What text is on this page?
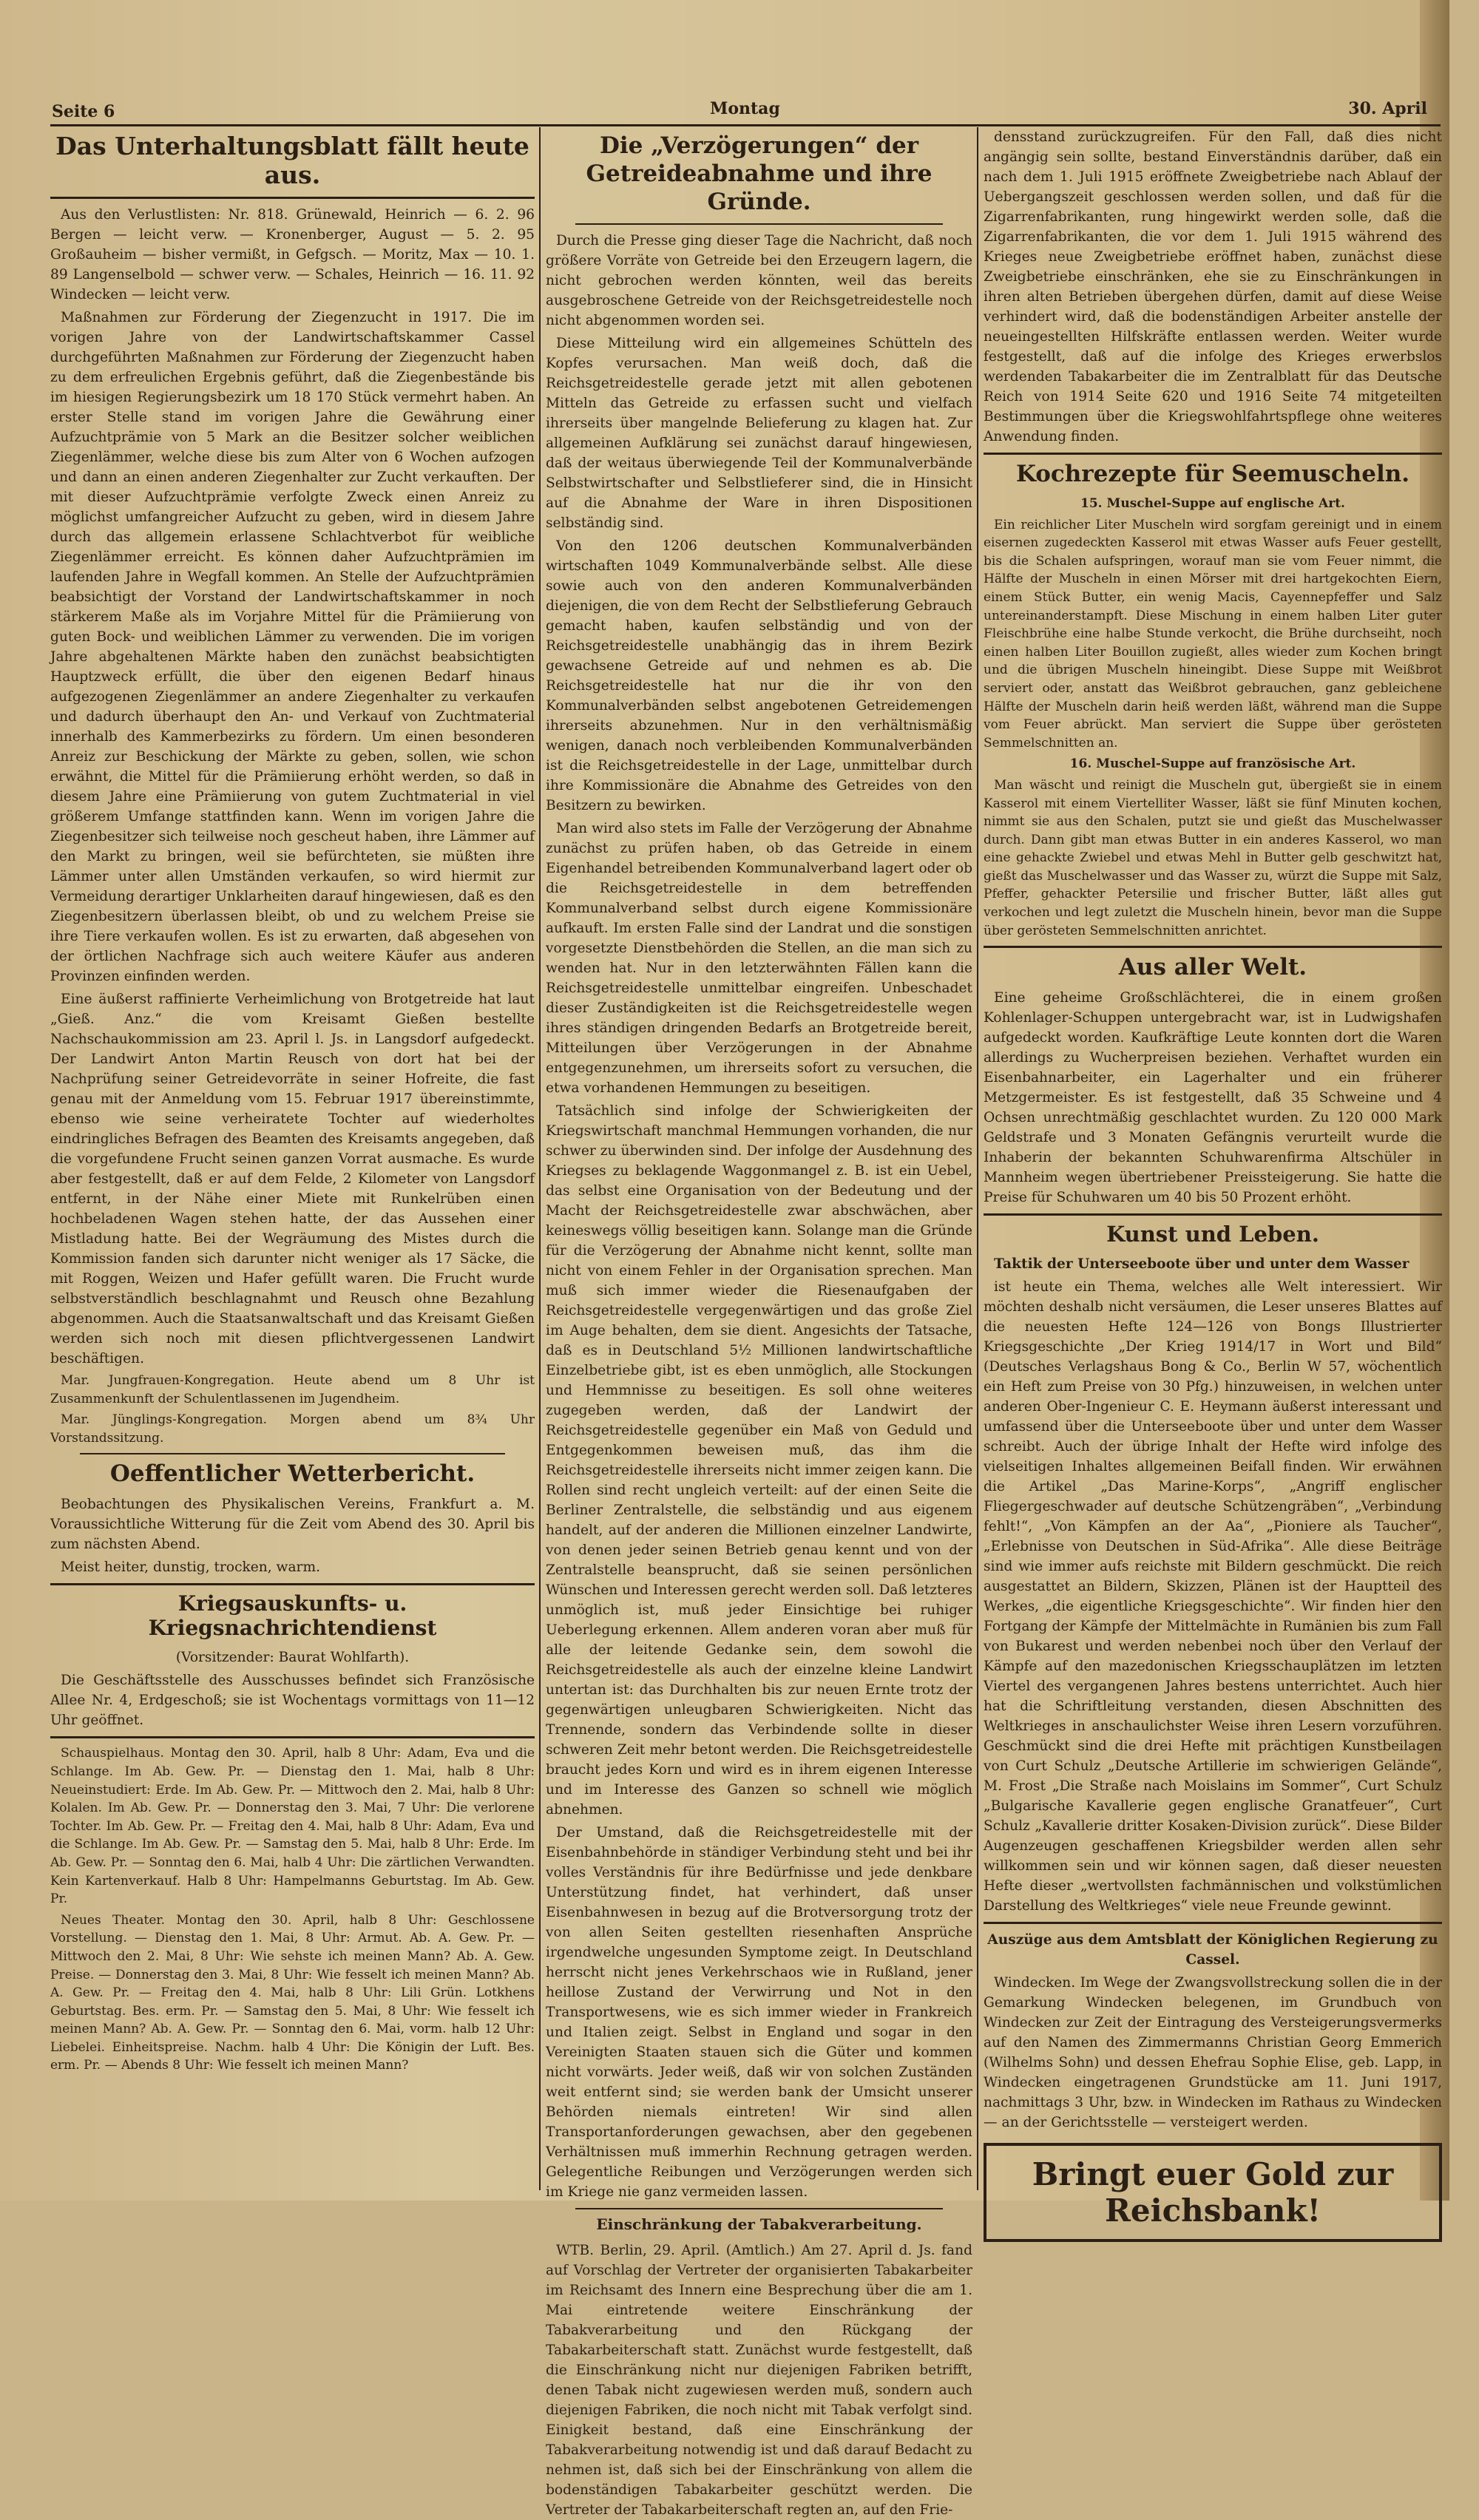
Seite 6	Montag	30. April
Das Unterhaltungsblatt fällt heute aus.

Aus den Verlustlisten: Nr. 818. Grünewald, Heinrich — 6. 2. 96 Bergen — leicht verw. — Kronenberger, August — 5. 2. 95 Großauheim — bisher vermißt, in Gefgsch. — Moritz, Max — 10. 1. 89 Langenselbold — schwer verw. — Schales, Heinrich — 16. 11. 92 Windecken — leicht verw.

Maßnahmen zur Förderung der Ziegenzucht in 1917. Die im vorigen Jahre von der Landwirtschaftskammer Cassel durchgeführten Maßnahmen zur Förderung der Ziegenzucht haben zu dem erfreulichen Ergebnis geführt, daß die Ziegenbestände bis im hiesigen Regierungsbezirk um 18 170 Stück vermehrt haben. An erster Stelle stand im vorigen Jahre die Gewährung einer Aufzuchtprämie von 5 Mark an die Besitzer solcher weiblichen Ziegenlämmer, welche diese bis zum Alter von 6 Wochen aufzogen und dann an einen anderen Ziegenhalter zur Zucht verkauften. Der mit dieser Aufzuchtprämie verfolgte Zweck einen Anreiz zu möglichst umfangreicher Aufzucht zu geben, wird in diesem Jahre durch das allgemein erlassene Schlachtverbot für weibliche Ziegenlämmer erreicht. Es können daher Aufzuchtprämien im laufenden Jahre in Wegfall kommen. An Stelle der Aufzuchtprämien beabsichtigt der Vorstand der Landwirtschaftskammer in noch stärkerem Maße als im Vorjahre Mittel für die Prämiierung von guten Bock- und weiblichen Lämmer zu verwenden. Die im vorigen Jahre abgehaltenen Märkte haben den zunächst beabsichtigten Hauptzweck erfüllt, die über den eigenen Bedarf hinaus aufgezogenen Ziegenlämmer an andere Ziegenhalter zu verkaufen und dadurch überhaupt den An- und Verkauf von Zuchtmaterial innerhalb des Kammerbezirks zu fördern. Um einen besonderen Anreiz zur Beschickung der Märkte zu geben, sollen, wie schon erwähnt, die Mittel für die Prämiierung erhöht werden, so daß in diesem Jahre eine Prämiierung von gutem Zuchtmaterial in viel größerem Umfange stattfinden kann. Wenn im vorigen Jahre die Ziegenbesitzer sich teilweise noch gescheut haben, ihre Lämmer auf den Markt zu bringen, weil sie befürchteten, sie müßten ihre Lämmer unter allen Umständen verkaufen, so wird hiermit zur Vermeidung derartiger Unklarheiten darauf hingewiesen, daß es den Ziegenbesitzern überlassen bleibt, ob und zu welchem Preise sie ihre Tiere verkaufen wollen. Es ist zu erwarten, daß abgesehen von der örtlichen Nachfrage sich auch weitere Käufer aus anderen Provinzen einfinden werden.

Eine äußerst raffinierte Verheimlichung von Brotgetreide hat laut „Gieß. Anz.“ die vom Kreisamt Gießen bestellte Nachschaukommission am 23. April l. Js. in Langsdorf aufgedeckt. Der Landwirt Anton Martin Reusch von dort hat bei der Nachprüfung seiner Getreidevorräte in seiner Hofreite, die fast genau mit der Anmeldung vom 15. Februar 1917 übereinstimmte, ebenso wie seine verheiratete Tochter auf wiederholtes eindringliches Befragen des Beamten des Kreisamts angegeben, daß die vorgefundene Frucht seinen ganzen Vorrat ausmache. Es wurde aber festgestellt, daß er auf dem Felde, 2 Kilometer von Langsdorf entfernt, in der Nähe einer Miete mit Runkelrüben einen hochbeladenen Wagen stehen hatte, der das Aussehen einer Mistladung hatte. Bei der Wegräumung des Mistes durch die Kommission fanden sich darunter nicht weniger als 17 Säcke, die mit Roggen, Weizen und Hafer gefüllt waren. Die Frucht wurde selbstverständlich beschlagnahmt und Reusch ohne Bezahlung abgenommen. Auch die Staatsanwaltschaft und das Kreisamt Gießen werden sich noch mit diesen pflichtvergessenen Landwirt beschäftigen.

Mar. Jungfrauen-Kongregation. Heute abend um 8 Uhr ist Zusammenkunft der Schulentlassenen im Jugendheim.

Mar. Jünglings-Kongregation. Morgen abend um 8¾ Uhr Vorstandssitzung.

Oeffentlicher Wetterbericht.

Beobachtungen des Physikalischen Vereins, Frankfurt a. M. Voraussichtliche Witterung für die Zeit vom Abend des 30. April bis zum nächsten Abend.

Meist heiter, dunstig, trocken, warm.

Kriegsauskunfts- u. Kriegsnachrichtendienst

(Vorsitzender: Baurat Wohlfarth).

Die Geschäftsstelle des Ausschusses befindet sich Französische Allee Nr. 4, Erdgeschoß; sie ist Wochentags vormittags von 11—12 Uhr geöffnet.

Schauspielhaus. Montag den 30. April, halb 8 Uhr: Adam, Eva und die Schlange. Im Ab. Gew. Pr. — Dienstag den 1. Mai, halb 8 Uhr: Neueinstudiert: Erde. Im Ab. Gew. Pr. — Mittwoch den 2. Mai, halb 8 Uhr: Kolalen. Im Ab. Gew. Pr. — Donnerstag den 3. Mai, 7 Uhr: Die verlorene Tochter. Im Ab. Gew. Pr. — Freitag den 4. Mai, halb 8 Uhr: Adam, Eva und die Schlange. Im Ab. Gew. Pr. — Samstag den 5. Mai, halb 8 Uhr: Erde. Im Ab. Gew. Pr. — Sonntag den 6. Mai, halb 4 Uhr: Die zärtlichen Verwandten. Kein Kartenverkauf. Halb 8 Uhr: Hampelmanns Geburtstag. Im Ab. Gew. Pr.

Neues Theater. Montag den 30. April, halb 8 Uhr: Geschlossene Vorstellung. — Dienstag den 1. Mai, 8 Uhr: Armut. Ab. A. Gew. Pr. — Mittwoch den 2. Mai, 8 Uhr: Wie sehste ich meinen Mann? Ab. A. Gew. Preise. — Donnerstag den 3. Mai, 8 Uhr: Wie fesselt ich meinen Mann? Ab. A. Gew. Pr. — Freitag den 4. Mai, halb 8 Uhr: Lili Grün. Lotkhens Geburtstag. Bes. erm. Pr. — Samstag den 5. Mai, 8 Uhr: Wie fesselt ich meinen Mann? Ab. A. Gew. Pr. — Sonntag den 6. Mai, vorm. halb 12 Uhr: Liebelei. Einheitspreise. Nachm. halb 4 Uhr: Die Königin der Luft. Bes. erm. Pr. — Abends 8 Uhr: Wie fesselt ich meinen Mann?

Die „Verzögerungen“ der Getreideabnahme und ihre Gründe.

Durch die Presse ging dieser Tage die Nachricht, daß noch größere Vorräte von Getreide bei den Erzeugern lagern, die nicht gebrochen werden könnten, weil das bereits ausgebroschene Getreide von der Reichsgetreidestelle noch nicht abgenommen worden sei.

Diese Mitteilung wird ein allgemeines Schütteln des Kopfes verursachen. Man weiß doch, daß die Reichsgetreidestelle gerade jetzt mit allen gebotenen Mitteln das Getreide zu erfassen sucht und vielfach ihrerseits über mangelnde Belieferung zu klagen hat. Zur allgemeinen Aufklärung sei zunächst darauf hingewiesen, daß der weitaus überwiegende Teil der Kommunalverbände Selbstwirtschafter und Selbstlieferer sind, die in Hinsicht auf die Abnahme der Ware in ihren Dispositionen selbständig sind.

Von den 1206 deutschen Kommunalverbänden wirtschaften 1049 Kommunalverbände selbst. Alle diese sowie auch von den anderen Kommunalverbänden diejenigen, die von dem Recht der Selbstlieferung Gebrauch gemacht haben, kaufen selbständig und von der Reichsgetreidestelle unabhängig das in ihrem Bezirk gewachsene Getreide auf und nehmen es ab. Die Reichsgetreidestelle hat nur die ihr von den Kommunalverbänden selbst angebotenen Getreidemengen ihrerseits abzunehmen. Nur in den verhältnismäßig wenigen, danach noch verbleibenden Kommunalverbänden ist die Reichsgetreidestelle in der Lage, unmittelbar durch ihre Kommissionäre die Abnahme des Getreides von den Besitzern zu bewirken.

Man wird also stets im Falle der Verzögerung der Abnahme zunächst zu prüfen haben, ob das Getreide in einem Eigenhandel betreibenden Kommunalverband lagert oder ob die Reichsgetreidestelle in dem betreffenden Kommunalverband selbst durch eigene Kommissionäre aufkauft. Im ersten Falle sind der Landrat und die sonstigen vorgesetzte Dienstbehörden die Stellen, an die man sich zu wenden hat. Nur in den letzterwähnten Fällen kann die Reichsgetreidestelle unmittelbar eingreifen. Unbeschadet dieser Zuständigkeiten ist die Reichsgetreidestelle wegen ihres ständigen dringenden Bedarfs an Brotgetreide bereit, Mitteilungen über Verzögerungen in der Abnahme entgegenzunehmen, um ihrerseits sofort zu versuchen, die etwa vorhandenen Hemmungen zu beseitigen.

Tatsächlich sind infolge der Schwierigkeiten der Kriegswirtschaft manchmal Hemmungen vorhanden, die nur schwer zu überwinden sind. Der infolge der Ausdehnung des Kriegses zu beklagende Waggonmangel z. B. ist ein Uebel, das selbst eine Organisation von der Bedeutung und der Macht der Reichsgetreidestelle zwar abschwächen, aber keineswegs völlig beseitigen kann. Solange man die Gründe für die Verzögerung der Abnahme nicht kennt, sollte man nicht von einem Fehler in der Organisation sprechen. Man muß sich immer wieder die Riesenaufgaben der Reichsgetreidestelle vergegenwärtigen und das große Ziel im Auge behalten, dem sie dient. Angesichts der Tatsache, daß es in Deutschland 5½ Millionen landwirtschaftliche Einzelbetriebe gibt, ist es eben unmöglich, alle Stockungen und Hemmnisse zu beseitigen. Es soll ohne weiteres zugegeben werden, daß der Landwirt der Reichsgetreidestelle gegenüber ein Maß von Geduld und Entgegenkommen beweisen muß, das ihm die Reichsgetreidestelle ihrerseits nicht immer zeigen kann. Die Rollen sind recht ungleich verteilt: auf der einen Seite die Berliner Zentralstelle, die selbständig und aus eigenem handelt, auf der anderen die Millionen einzelner Landwirte, von denen jeder seinen Betrieb genau kennt und von der Zentralstelle beansprucht, daß sie seinen persönlichen Wünschen und Interessen gerecht werden soll. Daß letzteres unmöglich ist, muß jeder Einsichtige bei ruhiger Ueberlegung erkennen. Allem anderen voran aber muß für alle der leitende Gedanke sein, dem sowohl die Reichsgetreidestelle als auch der einzelne kleine Landwirt untertan ist: das Durchhalten bis zur neuen Ernte trotz der gegenwärtigen unleugbaren Schwierigkeiten. Nicht das Trennende, sondern das Verbindende sollte in dieser schweren Zeit mehr betont werden. Die Reichsgetreidestelle braucht jedes Korn und wird es in ihrem eigenen Interesse und im Interesse des Ganzen so schnell wie möglich abnehmen.

Der Umstand, daß die Reichsgetreidestelle mit der Eisenbahnbehörde in ständiger Verbindung steht und bei ihr volles Verständnis für ihre Bedürfnisse und jede denkbare Unterstützung findet, hat verhindert, daß unser Eisenbahnwesen in bezug auf die Brotversorgung trotz der von allen Seiten gestellten riesenhaften Ansprüche irgendwelche ungesunden Symptome zeigt. In Deutschland herrscht nicht jenes Verkehrschaos wie in Rußland, jener heillose Zustand der Verwirrung und Not in den Transportwesens, wie es sich immer wieder in Frankreich und Italien zeigt. Selbst in England und sogar in den Vereinigten Staaten stauen sich die Güter und kommen nicht vorwärts. Jeder weiß, daß wir von solchen Zuständen weit entfernt sind; sie werden bank der Umsicht unserer Behörden niemals eintreten! Wir sind allen Transportanforderungen gewachsen, aber den gegebenen Verhältnissen muß immerhin Rechnung getragen werden. Gelegentliche Reibungen und Verzögerungen werden sich im Kriege nie ganz vermeiden lassen.

Einschränkung der Tabakverarbeitung.

WTB. Berlin, 29. April. (Amtlich.) Am 27. April d. Js. fand auf Vorschlag der Vertreter der organisierten Tabakarbeiter im Reichsamt des Innern eine Besprechung über die am 1. Mai eintretende weitere Einschränkung der Tabakverarbeitung und den Rückgang der Tabakarbeiterschaft statt. Zunächst wurde festgestellt, daß die Einschränkung nicht nur diejenigen Fabriken betrifft, denen Tabak nicht zugewiesen werden muß, sondern auch diejenigen Fabriken, die noch nicht mit Tabak verfolgt sind. Einigkeit bestand, daß eine Einschränkung der Tabakverarbeitung notwendig ist und daß darauf Bedacht zu nehmen ist, daß sich bei der Einschränkung von allem die bodenständigen Tabakarbeiter geschützt werden. Die Vertreter der Tabakarbeiterschaft regten an, auf den Frie-

densstand zurückzugreifen. Für den Fall, daß dies nicht angängig sein sollte, bestand Einverständnis darüber, daß ein nach dem 1. Juli 1915 eröffnete Zweigbetriebe nach Ablauf der Uebergangszeit geschlossen werden sollen, und daß für die Zigarrenfabrikanten, rung hingewirkt werden solle, daß die Zigarrenfabrikanten, die vor dem 1. Juli 1915 während des Krieges neue Zweigbetriebe eröffnet haben, zunächst diese Zweigbetriebe einschränken, ehe sie zu Einschränkungen in ihren alten Betrieben übergehen dürfen, damit auf diese Weise verhindert wird, daß die bodenständigen Arbeiter anstelle der neueingestellten Hilfskräfte entlassen werden. Weiter wurde festgestellt, daß auf die infolge des Krieges erwerbslos werdenden Tabakarbeiter die im Zentralblatt für das Deutsche Reich von 1914 Seite 620 und 1916 Seite 74 mitgeteilten Bestimmungen über die Kriegswohlfahrtspflege ohne weiteres Anwendung finden.

Kochrezepte für Seemuscheln.

15. Muschel-Suppe auf englische Art.

Ein reichlicher Liter Muscheln wird sorgfam gereinigt und in einem eisernen zugedeckten Kasserol mit etwas Wasser aufs Feuer gestellt, bis die Schalen aufspringen, worauf man sie vom Feuer nimmt, die Hälfte der Muscheln in einen Mörser mit drei hartgekochten Eiern, einem Stück Butter, ein wenig Macis, Cayennepfeffer und Salz untereinanderstampft. Diese Mischung in einem halben Liter guter Fleischbrühe eine halbe Stunde verkocht, die Brühe durchseiht, noch einen halben Liter Bouillon zugießt, alles wieder zum Kochen bringt und die übrigen Muscheln hineingibt. Diese Suppe mit Weißbrot serviert oder, anstatt das Weißbrot gebrauchen, ganz gebleichene Hälfte der Muscheln darin heiß werden läßt, während man die Suppe vom Feuer abrückt. Man serviert die Suppe über gerösteten Semmelschnitten an.

16. Muschel-Suppe auf französische Art.

Man wäscht und reinigt die Muscheln gut, übergießt sie in einem Kasserol mit einem Viertelliter Wasser, läßt sie fünf Minuten kochen, nimmt sie aus den Schalen, putzt sie und gießt das Muschelwasser durch. Dann gibt man etwas Butter in ein anderes Kasserol, wo man eine gehackte Zwiebel und etwas Mehl in Butter gelb geschwitzt hat, gießt das Muschelwasser und das Wasser zu, würzt die Suppe mit Salz, Pfeffer, gehackter Petersilie und frischer Butter, läßt alles gut verkochen und legt zuletzt die Muscheln hinein, bevor man die Suppe über gerösteten Semmelschnitten anrichtet.

Aus aller Welt.

Eine geheime Großschlächterei, die in einem großen Kohlenlager-Schuppen untergebracht war, ist in Ludwigshafen aufgedeckt worden. Kaufkräftige Leute konnten dort die Waren allerdings zu Wucherpreisen beziehen. Verhaftet wurden ein Eisenbahnarbeiter, ein Lagerhalter und ein früherer Metzgermeister. Es ist festgestellt, daß 35 Schweine und 4 Ochsen unrechtmäßig geschlachtet wurden. Zu 120 000 Mark Geldstrafe und 3 Monaten Gefängnis verurteilt wurde die Inhaberin der bekannten Schuhwarenfirma Altschüler in Mannheim wegen übertriebener Preissteigerung. Sie hatte die Preise für Schuhwaren um 40 bis 50 Prozent erhöht.

Kunst und Leben.

Taktik der Unterseeboote über und unter dem Wasser

ist heute ein Thema, welches alle Welt interessiert. Wir möchten deshalb nicht versäumen, die Leser unseres Blattes auf die neuesten Hefte 124—126 von Bongs Illustrierter Kriegsgeschichte „Der Krieg 1914/17 in Wort und Bild“ (Deutsches Verlagshaus Bong & Co., Berlin W 57, wöchentlich ein Heft zum Preise von 30 Pfg.) hinzuweisen, in welchen unter anderen Ober-Ingenieur C. E. Heymann äußerst interessant und umfassend über die Unterseeboote über und unter dem Wasser schreibt. Auch der übrige Inhalt der Hefte wird infolge des vielseitigen Inhaltes allgemeinen Beifall finden. Wir erwähnen die Artikel „Das Marine-Korps“, „Angriff englischer Fliegergeschwader auf deutsche Schützengräben“, „Verbindung fehlt!“, „Von Kämpfen an der Aa“, „Pioniere als Taucher“, „Erlebnisse von Deutschen in Süd-Afrika“. Alle diese Beiträge sind wie immer aufs reichste mit Bildern geschmückt. Die reich ausgestattet an Bildern, Skizzen, Plänen ist der Hauptteil des Werkes, „die eigentliche Kriegsgeschichte“. Wir finden hier den Fortgang der Kämpfe der Mittelmächte in Rumänien bis zum Fall von Bukarest und werden nebenbei noch über den Verlauf der Kämpfe auf den mazedonischen Kriegsschauplätzen im letzten Viertel des vergangenen Jahres bestens unterrichtet. Auch hier hat die Schriftleitung verstanden, diesen Abschnitten des Weltkrieges in anschaulichster Weise ihren Lesern vorzuführen. Geschmückt sind die drei Hefte mit prächtigen Kunstbeilagen von Curt Schulz „Deutsche Artillerie im schwierigen Gelände“, M. Frost „Die Straße nach Moislains im Sommer“, Curt Schulz „Bulgarische Kavallerie gegen englische Granatfeuer“, Curt Schulz „Kavallerie dritter Kosaken-Division zurück“. Diese Bilder Augenzeugen geschaffenen Kriegsbilder werden allen sehr willkommen sein und wir können sagen, daß dieser neuesten Hefte dieser „wertvollsten fachmännischen und volkstümlichen Darstellung des Weltkrieges“ viele neue Freunde gewinnt.

Auszüge aus dem Amtsblatt der Königlichen Regierung zu Cassel.

Windecken. Im Wege der Zwangsvollstreckung sollen die in der Gemarkung Windecken belegenen, im Grundbuch von Windecken zur Zeit der Eintragung des Versteigerungsvermerks auf den Namen des Zimmermanns Christian Georg Emmerich (Wilhelms Sohn) und dessen Ehefrau Sophie Elise, geb. Lapp, in Windecken eingetragenen Grundstücke am 11. Juni 1917, nachmittags 3 Uhr, bzw. in Windecken im Rathaus zu Windecken — an der Gerichtsstelle — versteigert werden.

Bringt euer Gold zur Reichsbank!
